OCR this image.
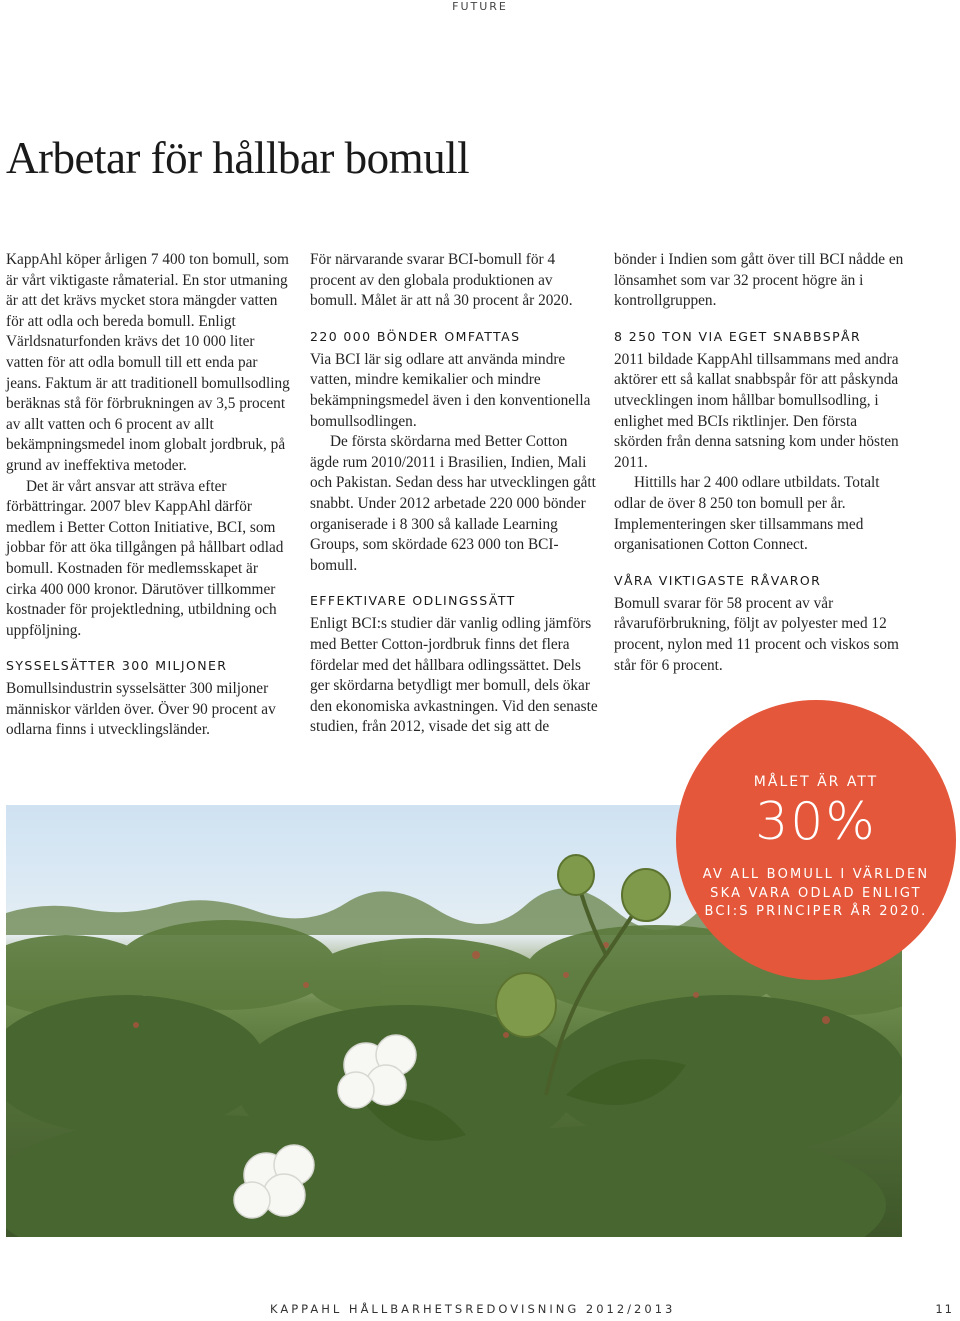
FUTURE
Arbetar för hållbar bomull

KappAhl köper årligen 7 400 ton bomull, som är vårt viktigaste råmaterial. En stor utmaning är att det krävs mycket stora mängder vatten för att odla och bereda bomull. Enligt Världsnaturfonden krävs det 10 000 liter vatten för att odla bomull till ett enda par jeans. Faktum är att traditionell bomullsodling beräknas stå för förbrukningen av 3,5 procent av allt vatten och 6 procent av allt bekämpningsmedel inom globalt jordbruk, på grund av ineffektiva metoder.

Det är vårt ansvar att sträva efter förbättringar. 2007 blev KappAhl därför medlem i Better Cotton Initiative, BCI, som jobbar för att öka tillgången på hållbart odlad bomull. Kostnaden för medlemsskapet är cirka 400 000 kronor. Därutöver tillkommer kostnader för projektledning, utbildning och uppföljning.

SYSSELSÄTTER 300 MILJONER

Bomullsindustrin sysselsätter 300 miljoner människor världen över. Över 90 procent av odlarna finns i utvecklingsländer.

För närvarande svarar BCI-bomull för 4 procent av den globala produktionen av bomull. Målet är att nå 30 procent år 2020.

220 000 BÖNDER OMFATTAS

Via BCI lär sig odlare att använda mindre vatten, mindre kemikalier och mindre bekämpningsmedel även i den konventionella bomullsodlingen.

De första skördarna med Better Cotton ägde rum 2010/2011 i Brasilien, Indien, Mali och Pakistan. Sedan dess har utvecklingen gått snabbt. Under 2012 arbetade 220 000 bönder organiserade i 8 300 så kallade Learning Groups, som skördade 623 000 ton BCI-bomull.

EFFEKTIVARE ODLINGSSÄTT

Enligt BCI:s studier där vanlig odling jämförs med Better Cotton-jordbruk finns det flera fördelar med det hållbara odlingssättet. Dels ger skördarna betydligt mer bomull, dels ökar den ekonomiska avkastningen. Vid den senaste studien, från 2012, visade det sig att de

bönder i Indien som gått över till BCI nådde en lönsamhet som var 32 procent högre än i kontrollgruppen.

8 250 TON VIA EGET SNABBSPÅR

2011 bildade KappAhl tillsammans med andra aktörer ett så kallat snabbspår för att påskynda utvecklingen inom hållbar bomullsodling, i enlighet med BCIs riktlinjer. Den första skörden från denna satsning kom under hösten 2011.

Hittills har 2 400 odlare utbildats. Totalt odlar de över 8 250 ton bomull per år. Implementeringen sker tillsammans med organisationen Cotton Connect.

VÅRA VIKTIGASTE RÅVAROR

Bomull svarar för 58 procent av vår råvaruförbrukning, följt av polyester med 12 procent, nylon med 11 procent och viskos som står för 6 procent.

MÅLET ÄR ATT
30%
AV ALL BOMULL I VÄRLDEN SKA VARA ODLAD ENLIGT BCI:S PRINCIPER ÅR 2020.
KAPPAHL HÅLLBARHETSREDOVISNING 2012/2013	11
